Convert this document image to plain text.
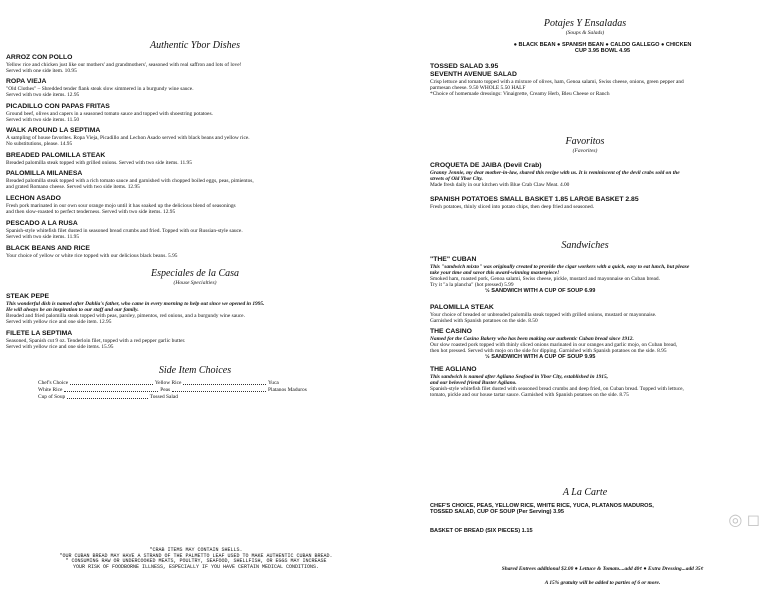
Authentic Ybor Dishes
ARROZ CON POLLO
Yellow rice and chicken just like our mothers' and grandmothers', seasoned with real saffron and lots of love!
Served with one side item. 10.95
ROPA VIEJA
"Old Clothes" – Shredded tender flank steak slow simmered in a burgundy wine sauce.
Served with two side items. 12.95
PICADILLO CON PAPAS FRITAS
Ground beef, olives and capers in a seasoned tomato sauce and topped with shoestring potatoes.
Served with two side items. 11.50
WALK AROUND LA SEPTIMA
A sampling of house favorites. Ropa Vieja, Picadillo and Lechon Asado served with black beans and yellow rice.
No substitutions, please. 14.95
BREADED PALOMILLA STEAK
Breaded palomilla steak topped with grilled onions. Served with two side items. 11.95
PALOMILLA MILANESA
Breaded palomilla steak topped with a rich tomato sauce and garnished with chopped boiled eggs, peas, pimientos,
and grated Romano cheese. Served with two side items. 12.95
LECHON ASADO
Fresh pork marinated in our own sour orange mojo until it has soaked up the delicious blend of seasonings
and then slow-roasted to perfect tenderness. Served with two side items. 12.95
PESCADO A LA RUSA
Spanish-style whitefish filet dusted in seasoned bread crumbs and fried. Topped with our Russian-style sauce.
Served with two side items. 11.95
BLACK BEANS AND RICE
Your choice of yellow or white rice topped with our delicious black beans. 5.95
Especiales de la Casa
(House Specialties)
STEAK PEPE
This wonderful dish is named after Dahlia's father, who came in every morning to help out since we opened in 1995.
He will always be an inspiration to our staff and our family.
Breaded and fried palomilla steak topped with peas, parsley, pimentos, red onions, and a burgundy wine sauce.
Served with yellow rice and one side item. 12.95
FILETE LA SEPTIMA
Seasoned, Spanish cut 9 oz. Tenderloin filet, topped with a red pepper garlic butter.
Served with yellow rice and one side items. 15.95
Side Item Choices
Chef's Choice	Yellow Rice	Yuca
White Rice	Peas	Platanos Maduros
Cup of Soup	Tossed Salad
*CRAB ITEMS MAY CONTAIN SHELLS.
*OUR CUBAN BREAD MAY HAVE A STRAND OF THE PALMETTO LEAF USED TO MAKE AUTHENTIC CUBAN BREAD.
* CONSUMING RAW OR UNDERCOOKED MEATS, POULTRY, SEAFOOD, SHELLFISH, OR EGGS MAY INCREASE
YOUR RISK OF FOODBORNE ILLNESS, ESPECIALLY IF YOU HAVE CERTAIN MEDICAL CONDITIONS.
Potajes Y Ensaladas
(Soups & Salads)
● BLACK BEAN ● SPANISH BEAN ● CALDO GALLEGO ● CHICKEN
CUP 3.95 BOWL 4.95
TOSSED SALAD 3.95
SEVENTH AVENUE SALAD
Crisp lettuce and tomato topped with a mixture of olives, ham, Genoa salami, Swiss cheese, onions, green pepper and
parmesan cheese. 9.50 WHOLE 5.50 HALF
*Choice of homemade dressings: Vinaigrette, Creamy Herb, Bleu Cheese or Ranch
Favoritos
(Favorites)
CROQUETA DE JAIBA (Devil Crab)
Granny Jennie, my dear mother-in-law, shared this recipe with us. It is reminiscent of the devil crabs sold on the
streets of Old Ybor City.
Made fresh daily in our kitchen with Blue Crab Claw Meat. 4.00
SPANISH POTATOES SMALL BASKET 1.85 LARGE BASKET 2.85
Fresh potatoes, thinly sliced into potato chips, then deep fried and seasoned.
Sandwiches
"THE" CUBAN
This "sandwich mixto" was originally created to provide the cigar workers with a quick, easy to eat lunch, but please
take your time and savor this award-winning masterpiece!
Smoked ham, roasted pork, Genoa salami, Swiss cheese, pickle, mustard and mayonnaise on Cuban bread.
Try it "a la plancha" (hot pressed) 5.99
½ SANDWICH WITH A CUP OF SOUP 6.99
PALOMILLA STEAK
Your choice of breaded or unbreaded palomilla steak topped with grilled onions, mustard or mayonnaise.
Garnished with Spanish potatoes on the side. 8.50
THE CASINO
Named for the Casino Bakery who has been making our authentic Cuban bread since 1912.
Our slow roasted pork topped with thinly sliced onions marinated in our oranges and garlic mojo, on Cuban bread,
then hot pressed. Served with mojo on the side for dipping. Garnished with Spanish potatoes on the side. 8.95
½ SANDWICH WITH A CUP OF SOUP 9.95
THE AGLIANO
This sandwich is named after Agliano Seafood in Ybor City, established in 1915,
and our beloved friend Buster Agliano.
Spanish-style whitefish filet dusted with seasoned bread crumbs and deep fried, on Cuban bread. Topped with lettuce,
tomato, pickle and our house tartar sauce. Garnished with Spanish potatoes on the side. 8.75
A La Carte
CHEF'S CHOICE, PEAS, YELLOW RICE, WHITE RICE, YUCA, PLATANOS MADUROS,
TOSSED SALAD, CUP OF SOUP (Per Serving) 3.95
BASKET OF BREAD (SIX PIECES) 1.15
Shared Entrees additional $2.00 ● Lettuce & Tomato....add 40¢ ● Extra Dressing...add 35¢
A 15% gratuity will be added to parties of 6 or more.
◎ ◻
